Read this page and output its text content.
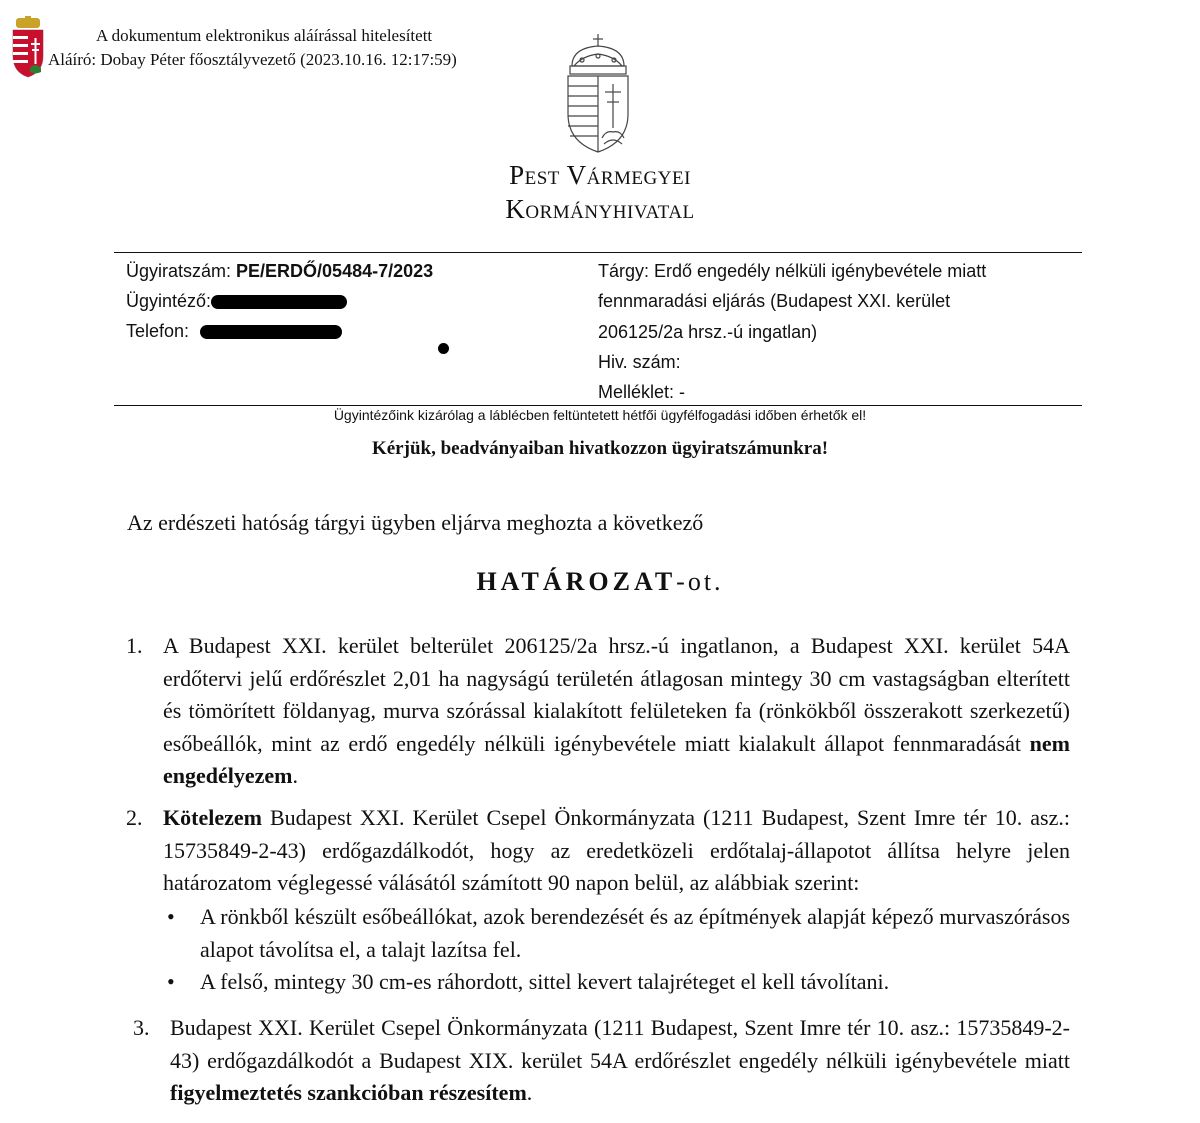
A dokumentum elektronikus aláírással hitelesített
Aláíró: Dobay Péter főosztályvezető (2023.10.16. 12:17:59)
Pest Vármegyei
Kormányhivatal
Ügyiratszám: PE/ERDŐ/05484-7/2023
Ügyintéző:
Telefon:
Tárgy: Erdő engedély nélküli igénybevétele miatt
fennmaradási eljárás (Budapest XXI. kerület
206125/2a hrsz.-ú ingatlan)
Hiv. szám:
Melléklet: -
Ügyintézőink kizárólag a láblécben feltüntetett hétfői ügyfélfogadási időben érhetők el!
Kérjük, beadványaiban hivatkozzon ügyiratszámunkra!
Az erdészeti hatóság tárgyi ügyben eljárva meghozta a következő
HATÁROZAT-ot.
1. A Budapest XXI. kerület belterület 206125/2a hrsz.-ú ingatlanon, a Budapest XXI. kerület 54A erdőtervi jelű erdőrészlet 2,01 ha nagyságú területén átlagosan mintegy 30 cm vastagságban elterített és tömörített földanyag, murva szórással kialakított felületeken fa (rönkökből összerakott szerkezetű) esőbeállók, mint az erdő engedély nélküli igénybevétele miatt kialakult állapot fennmaradását nem engedélyezem.
2. Kötelezem Budapest XXI. Kerület Csepel Önkormányzata (1211 Budapest, Szent Imre tér 10. asz.: 15735849-2-43) erdőgazdálkodót, hogy az eredetközeli erdőtalaj-állapotot állítsa helyre jelen határozatom véglegessé válásától számított 90 napon belül, az alábbiak szerint:
• A rönkből készült esőbeállókat, azok berendezését és az építmények alapját képező murvaszórásos alapot távolítsa el, a talajt lazítsa fel.
• A felső, mintegy 30 cm-es ráhordott, sittel kevert talajréteget el kell távolítani.
3. Budapest XXI. Kerület Csepel Önkormányzata (1211 Budapest, Szent Imre tér 10. asz.: 15735849-2-43) erdőgazdálkodót a Budapest XIX. kerület 54A erdőrészlet engedély nélküli igénybevétele miatt figyelmeztetés szankcióban részesítem.
